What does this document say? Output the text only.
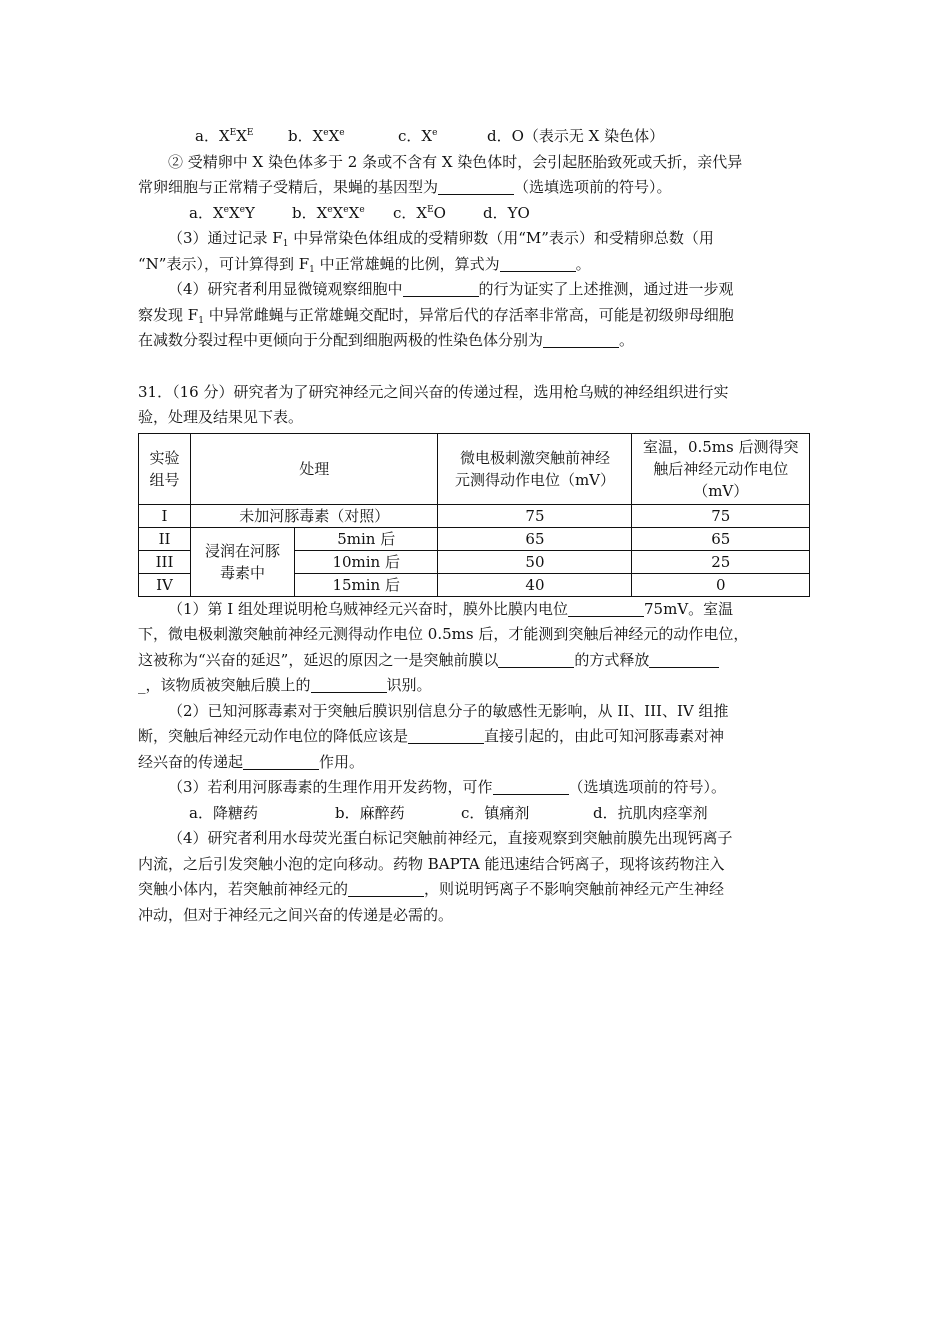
a．$X^EX^E$ b．XeXe	c．Xe	d．O（表示无 X 染色体）
② 受精卵中 X 染色体多于 2 条或不含有 X 染色体时，会引起胚胎致死或夭折，亲代异
常卵细胞与正常精子受精后，果蝇的基因型为	（选填选项前的符号）。
a．XeXeY b．XeXeXe c．$X^EO$ d．YO
（3）通过记录 $F_1$ 中异常染色体组成的受精卵数（用“M”表示）和受精卵总数（用
“N”表示），可计算得到 $F_1$ 中正常雄蝇的比例，算式为	。
（4）研究者利用显微镜观察细胞中	的行为证实了上述推测，通过进一步观
察发现 $F_1$ 中异常雌蝇与正常雄蝇交配时，异常后代的存活率非常高，可能是初级卵母细胞
在减数分裂过程中更倾向于分配到细胞两极的性染色体分别为	。
31．（16 分）研究者为了研究神经元之间兴奋的传递过程，选用枪乌贼的神经组织进行实
验，处理及结果见下表。
实验
组号	处理		微电极刺激突触前神经
元测得动作电位（mV）	室温，0.5ms 后测得突
触后神经元动作电位
（mV）
I	未加河豚毒素（对照）		75	75
II	浸润在河豚
毒素中	5min 后	65	65
III		10min 后	50	25
IV		15min 后	40	0
（1）第 I 组处理说明枪乌贼神经元兴奋时，膜外比膜内电位	75mV。室温
下，微电极刺激突触前神经元测得动作电位 0.5ms 后，才能测到突触后神经元的动作电位，
这被称为“兴奋的延迟”，延迟的原因之一是突触前膜以	的方式释放
_，该物质被突触后膜上的	识别。
（2）已知河豚毒素对于突触后膜识别信息分子的敏感性无影响，从 II、III、IV 组推
断，突触后神经元动作电位的降低应该是	直接引起的，由此可知河豚毒素对神
经兴奋的传递起	作用。
（3）若利用河豚毒素的生理作用开发药物，可作	（选填选项前的符号）。
a．降糖药	b．麻醉药	c．镇痛剂	d．抗肌肉痉挛剂
（4）研究者利用水母荧光蛋白标记突触前神经元，直接观察到突触前膜先出现钙离子
内流，之后引发突触小泡的定向移动。药物 BAPTA 能迅速结合钙离子，现将该药物注入
突触小体内，若突触前神经元的	，则说明钙离子不影响突触前神经元产生神经
冲动，但对于神经元之间兴奋的传递是必需的。
